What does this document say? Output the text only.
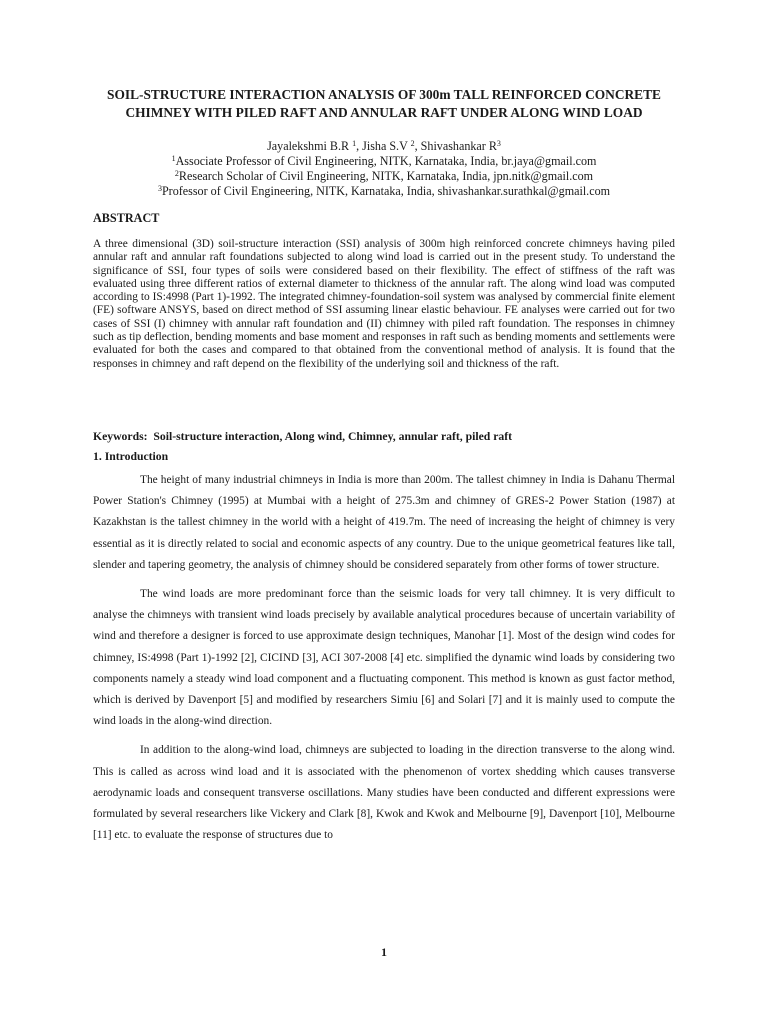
SOIL-STRUCTURE INTERACTION ANALYSIS OF 300m TALL REINFORCED CONCRETE CHIMNEY WITH PILED RAFT AND ANNULAR RAFT UNDER ALONG WIND LOAD
Jayalekshmi B.R $^1$, Jisha S.V $^2$, Shivashankar $R^3$
$^1$Associate Professor of Civil Engineering, NITK, Karnataka, India, br.jaya@gmail.com
$^2$Research Scholar of Civil Engineering, NITK, Karnataka, India, jpn.nitk@gmail.com
$^3$Professor of Civil Engineering, NITK, Karnataka, India, shivashankar.surathkal@gmail.com
ABSTRACT

A three dimensional (3D) soil-structure interaction (SSI) analysis of 300m high reinforced concrete chimneys having piled annular raft and annular raft foundations subjected to along wind load is carried out in the present study. To understand the significance of SSI, four types of soils were considered based on their flexibility. The effect of stiffness of the raft was evaluated using three different ratios of external diameter to thickness of the annular raft. The along wind load was computed according to IS:4998 (Part 1)-1992. The integrated chimney-foundation-soil system was analysed by commercial finite element (FE) software ANSYS, based on direct method of SSI assuming linear elastic behaviour. FE analyses were carried out for two cases of SSI (I) chimney with annular raft foundation and (II) chimney with piled raft foundation. The responses in chimney such as tip deflection, bending moments and base moment and responses in raft such as bending moments and settlements were evaluated for both the cases and compared to that obtained from the conventional method of analysis. It is found that the responses in chimney and raft depend on the flexibility of the underlying soil and thickness of the raft.

Keywords: Soil-structure interaction, Along wind, Chimney, annular raft, piled raft

1. Introduction

The height of many industrial chimneys in India is more than 200m. The tallest chimney in India is Dahanu Thermal Power Station's Chimney (1995) at Mumbai with a height of 275.3m and chimney of GRES-2 Power Station (1987) at Kazakhstan is the tallest chimney in the world with a height of 419.7m. The need of increasing the height of chimney is very essential as it is directly related to social and economic aspects of any country. Due to the unique geometrical features like tall, slender and tapering geometry, the analysis of chimney should be considered separately from other forms of tower structure.

The wind loads are more predominant force than the seismic loads for very tall chimney. It is very difficult to analyse the chimneys with transient wind loads precisely by available analytical procedures because of uncertain variability of wind and therefore a designer is forced to use approximate design techniques, Manohar [1]. Most of the design wind codes for chimney, IS:4998 (Part 1)-1992 [2], CICIND [3], ACI 307-2008 [4] etc. simplified the dynamic wind loads by considering two components namely a steady wind load component and a fluctuating component. This method is known as gust factor method, which is derived by Davenport [5] and modified by researchers Simiu [6] and Solari [7] and it is mainly used to compute the wind loads in the along-wind direction.

In addition to the along-wind load, chimneys are subjected to loading in the direction transverse to the along wind. This is called as across wind load and it is associated with the phenomenon of vortex shedding which causes transverse aerodynamic loads and consequent transverse oscillations. Many studies have been conducted and different expressions were formulated by several researchers like Vickery and Clark [8], Kwok and Kwok and Melbourne [9], Davenport [10], Melbourne [11] etc. to evaluate the response of structures due to

1
